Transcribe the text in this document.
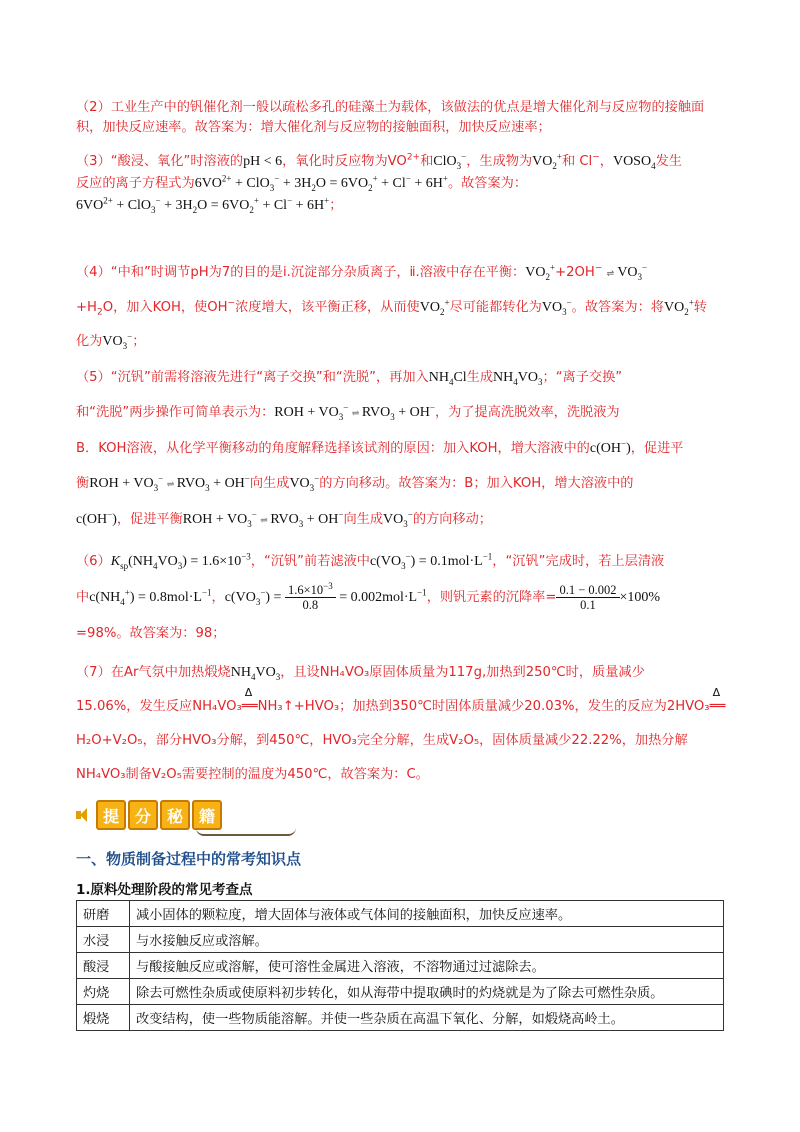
（2）工业生产中的钒催化剂一般以疏松多孔的硅藻土为载体，该做法的优点是增大催化剂与反应物的接触面积，加快反应速率。故答案为：增大催化剂与反应物的接触面积，加快反应速率；
（3）“酸浸、氧化”时溶液的pH < 6，氧化时反应物为$VO^{2+}$和ClO$_3$−，生成物为$VO_2^+$和 Cl−，$VOSO_4$发生
反应的离子方程式为$6VO^{2+} + ClO_3^- + 3H_2O = 6VO_2^+ + Cl^- + 6H^+$。故答案为：
$6VO^{2+} + ClO_3^- + 3H_2O = 6VO_2^+ + Cl^- + 6H^+$；
（4）“中和”时调节pH为7的目的是ⅰ.沉淀部分杂质离子，ⅱ.溶液中存在平衡：$VO_2^++2OH^-$ ⇌ $VO_3^-$
$+H_2O$，加入KOH，使OH−浓度增大，该平衡正移，从而使$VO_2^+$尽可能都转化为$VO_3^-$。故答案为：将$VO_2^+$转
化为$VO_3^-$；
（5）“沉钒”前需将溶液先进行“离子交换”和“洗脱”，再加入$NH_4Cl$生成$NH_4VO_3$；“离子交换”
和“洗脱”两步操作可简单表示为：ROH + $VO_3^-$ ⇌ $RVO_3 + OH^-$，为了提高洗脱效率，洗脱液为
B．KOH溶液，从化学平衡移动的角度解释选择该试剂的原因：加入KOH，增大溶液中的c(OH−)，促进平
衡ROH + $VO_3^-$ ⇌ $RVO_3 + OH^-$向生成$VO_3^-$的方向移动。故答案为：B；加入KOH，增大溶液中的
c(OH−)，促进平衡ROH + $VO_3^-$ ⇌ $RVO_3 + OH^-$向生成$VO_3^-$的方向移动；
$(6)K_{sp}(NH_4VO_3) = 1.6\times 10^{-3}$，“沉钒”前若滤液中$c(VO_3^-) = 0.1mol\cdot L^{-1}$，“沉钒”完成时，若上层清液
中$c(NH_4^+) = 0.8mol\cdot L^{-1}$，$c(VO_3^-) = \frac{1.6\times 10^{-3}}{0.8} = 0.002mol\cdot L^{-1}$，则钒元素的沉降率= $\frac{0.1 - 0.002}{0.1} \times 100\%$
=98%。故答案为：98；
（7）在Ar气氛中加热煅烧$NH_4VO_3$，且设NH₄VO₃原固体质量为117g,加热到250℃时，质量减少
15.06%，发生反应NH₄VO₃
Δ
══NH₃↑+HVO₃；加热到350℃时固体质量减少20.03%，发生的反应为2HVO₃
Δ
══
H₂O+V₂O₅，部分HVO₃分解，到450℃，HVO₃完全分解，生成V₂O₅，固体质量减少22.22%，加热分解
NH₄VO₃制备V₂O₅需要控制的温度为450℃，故答案为：C。
提 分 秘 籍
一、物质制备过程中的常考知识点
1.原料处理阶段的常见考查点
研磨	减小固体的颗粒度，增大固体与液体或气体间的接触面积，加快反应速率。
水浸	与水接触反应或溶解。
酸浸	与酸接触反应或溶解，使可溶性金属进入溶液，不溶物通过过滤除去。
灼烧	除去可燃性杂质或使原料初步转化，如从海带中提取碘时的灼烧就是为了除去可燃性杂质。
煅烧	改变结构，使一些物质能溶解。并使一些杂质在高温下氧化、分解，如煅烧高岭土。
